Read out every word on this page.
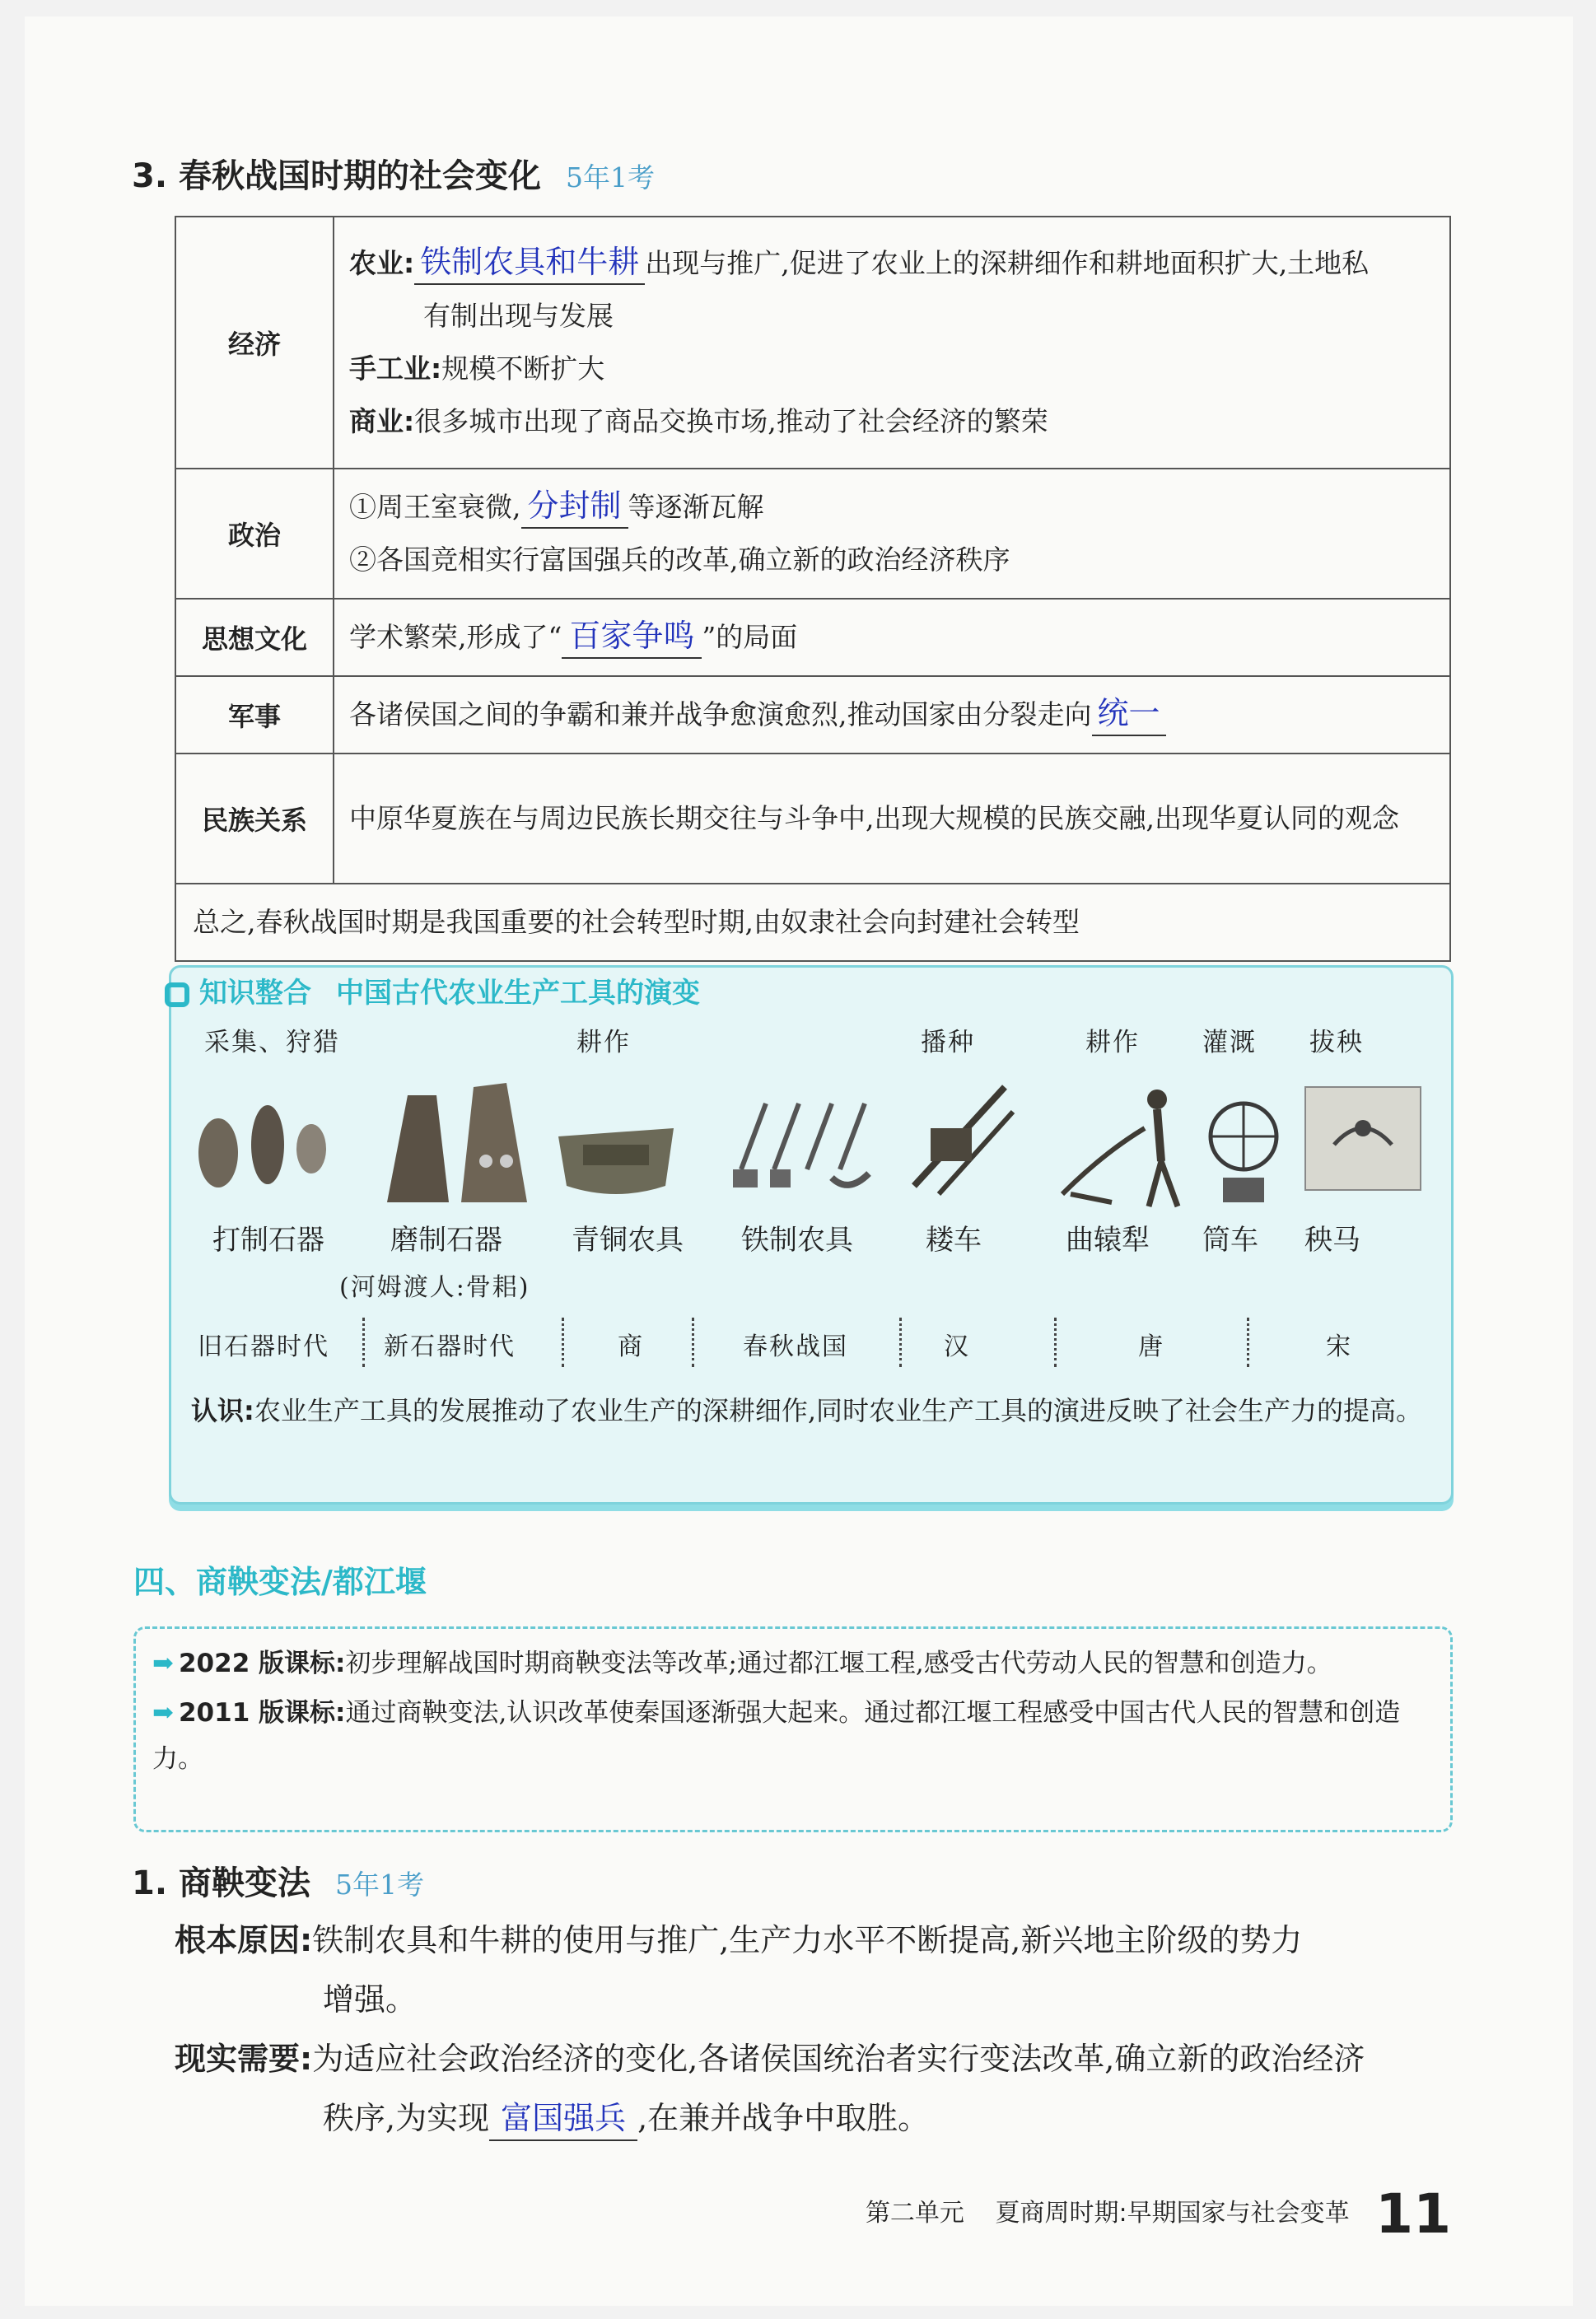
3. 春秋战国时期的社会变化 5年1考
经济	农业: 铁制农具和牛耕 出现与推广,促进了农业上的深耕细作和耕地面积扩大,土地私
有制出现与发展
手工业:规模不断扩大
商业:很多城市出现了商品交换市场,推动了社会经济的繁荣

政治	①周王室衰微, 分封制 等逐渐瓦解
②各国竞相实行富国强兵的改革,确立新的政治经济秩序

思想文化	学术繁荣,形成了“ 百家争鸣 ”的局面
军事	各诸侯国之间的争霸和兼并战争愈演愈烈,推动国家由分裂走向 统一
民族关系	中原华夏族在与周边民族长期交往与斗争中,出现大规模的民族交融,出现华夏认同的观念
总之,春秋战国时期是我国重要的社会转型时期,由奴隶社会向封建社会转型	
知识整合 中国古代农业生产工具的演变
采集、狩猎	耕作	播种	耕作 灌溉 拔秧
打制石器 磨制石器 青铜农具 铁制农具	耧车	曲辕犁 筒车 秧马
(河姆渡人:骨耜)
旧石器时代 新石器时代	商	春秋战国	汉	唐	宋
认识:农业生产工具的发展推动了农业生产的深耕细作,同时农业生产工具的演进反映了社会生产力的提高。
四、商鞅变法/都江堰
➡ 2022 版课标:初步理解战国时期商鞅变法等改革;通过都江堰工程,感受古代劳动人民的智慧和创造力。
➡ 2011 版课标:通过商鞅变法,认识改革使秦国逐渐强大起来。通过都江堰工程感受中国古代人民的智慧和创造力。
1. 商鞅变法 5年1考
根本原因:铁制农具和牛耕的使用与推广,生产力水平不断提高,新兴地主阶级的势力
增强。
现实需要:为适应社会政治经济的变化,各诸侯国统治者实行变法改革,确立新的政治经济
秩序,为实现 富国强兵 ,在兼并战争中取胜。
第二单元 夏商周时期:早期国家与社会变革 11
